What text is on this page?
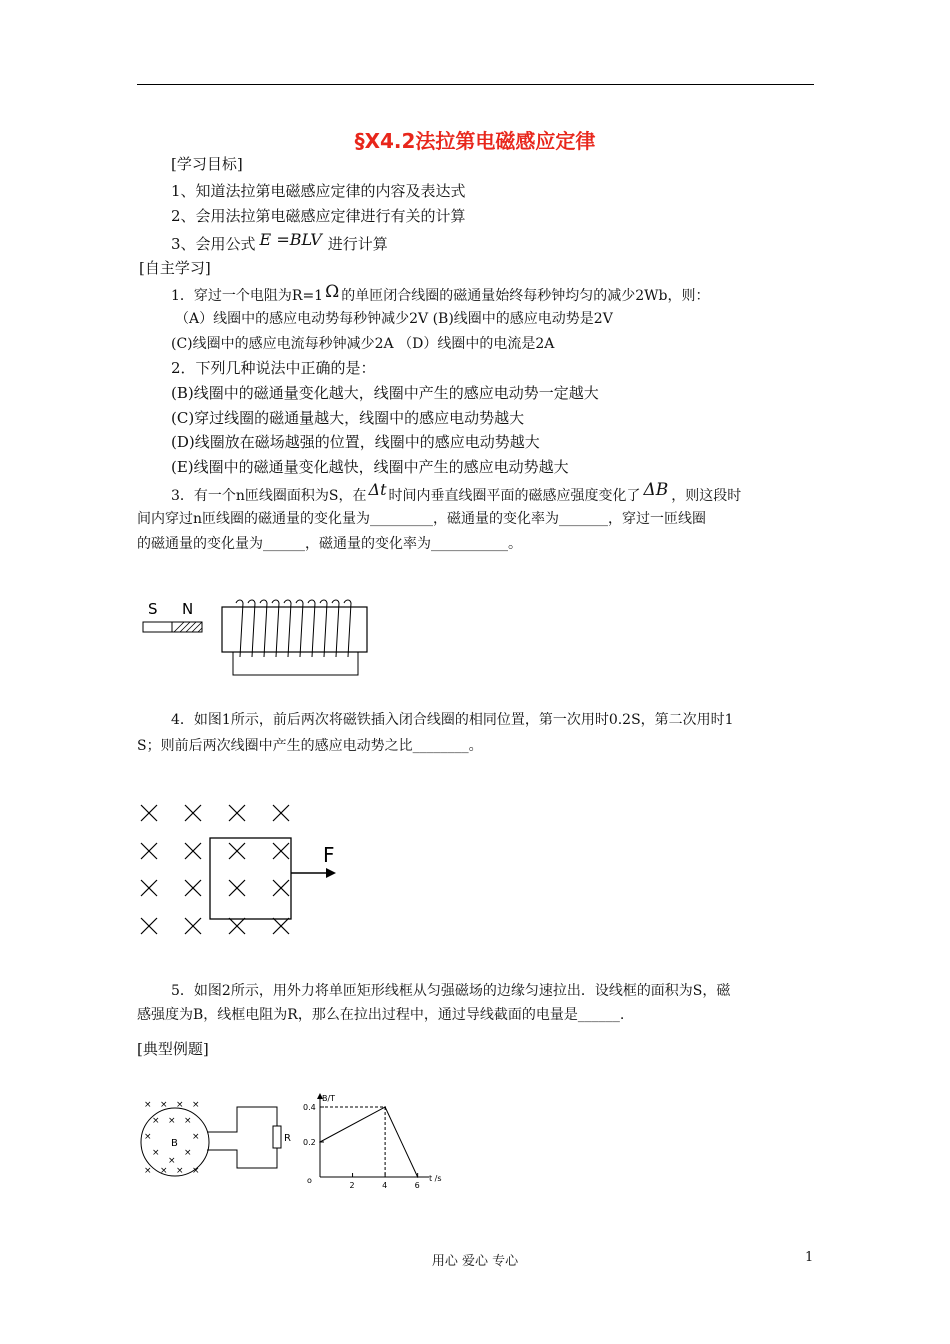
§X4.2法拉第电磁感应定律
[学习目标]
1、知道法拉第电磁感应定律的内容及表达式
2、会用法拉第电磁感应定律进行有关的计算
3、会用公式 E =BLV 进行计算
[自主学习]
1．穿过一个电阻为R=1 Ω 的单匝闭合线圈的磁通量始终每秒钟均匀的减少2Wb，则：
（A）线圈中的感应电动势每秒钟减少2V (B)线圈中的感应电动势是2V
(C)线圈中的感应电流每秒钟减少2A （D）线圈中的电流是2A
2．下列几种说法中正确的是：
(B)线圈中的磁通量变化越大，线圈中产生的感应电动势一定越大
(C)穿过线圈的磁通量越大，线圈中的感应电动势越大
(D)线圈放在磁场越强的位置，线圈中的感应电动势越大
(E)线圈中的磁通量变化越快，线圈中产生的感应电动势越大
3．有一个n匝线圈面积为S，在 Δt 时间内垂直线圈平面的磁感应强度变化了 ΔB ，则这段时
间内穿过n匝线圈的磁通量的变化量为_________，磁通量的变化率为_______，穿过一匝线圈
的磁通量的变化量为______，磁通量的变化率为___________。
S N
4．如图1所示，前后两次将磁铁插入闭合线圈的相同位置，第一次用时0.2S，第二次用时1
S；则前后两次线圈中产生的感应电动势之比________。
F
5．如图2所示，用外力将单匝矩形线框从匀强磁场的边缘匀速拉出．设线框的面积为S，磁
感强度为B，线框电阻为R，那么在拉出过程中，通过导线截面的电量是______.
[典型例题]
× × × ×
× × ×
×	×
×	×
× × × ×
×
B	R
B/T
t /s
o
2	4	6
0.2
0.4
用心 爱心 专心	1
